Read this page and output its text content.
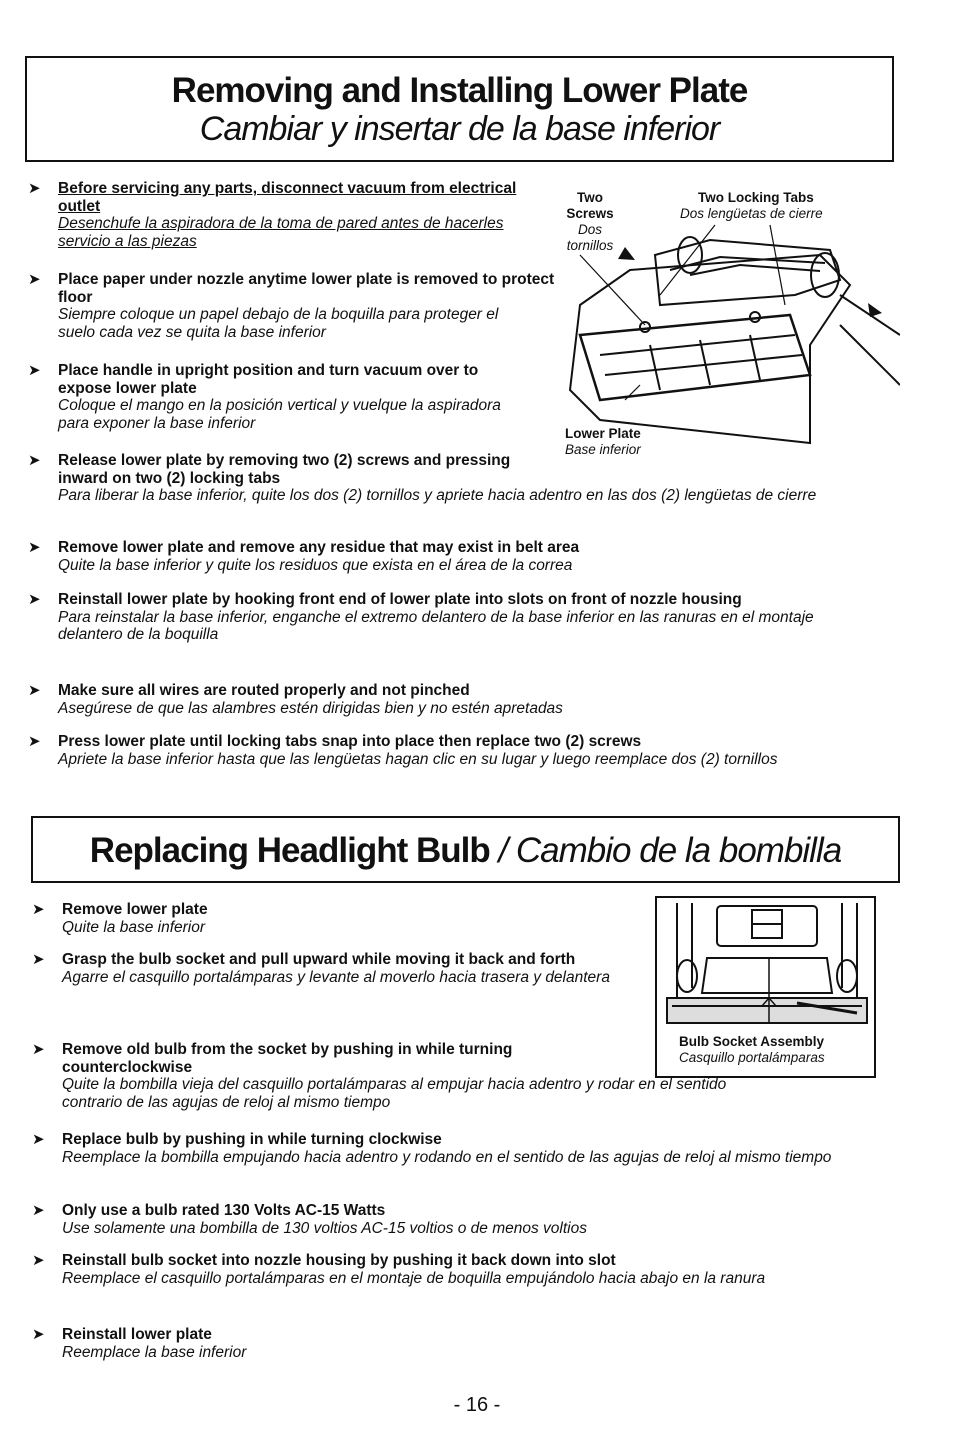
Removing and Installing Lower Plate
Cambiar y insertar de la base inferior
Two
Screws
Dos
tornillos
Two Locking Tabs
Dos lengüetas de cierre
Lower Plate
Base inferior
➤ Before servicing any parts, disconnect vacuum from electrical outlet
Desenchufe la aspiradora de la toma de pared antes de hacerles servicio a las piezas
➤ Place paper under nozzle anytime lower plate is removed to protect floor
Siempre coloque un papel debajo de la boquilla para proteger el suelo cada vez se quita la base inferior
➤ Place handle in upright position and turn vacuum over to expose lower plate
Coloque el mango en la posición vertical y vuelque la aspiradora para exponer la base inferior
➤ Release lower plate by removing two (2) screws and pressing inward on two (2) locking tabs
Para liberar la base inferior, quite los dos (2) tornillos y apriete hacia adentro en las dos (2) lengüetas de cierre
➤ Remove lower plate and remove any residue that may exist in belt area
Quite la base inferior y quite los residuos que exista en el área de la correa
➤ Reinstall lower plate by hooking front end of lower plate into slots on front of nozzle housing
Para reinstalar la base inferior, enganche el extremo delantero de la base inferior en las ranuras en el montaje delantero de la boquilla
➤ Make sure all wires are routed properly and not pinched
Asegúrese de que las alambres estén dirigidas bien y no estén apretadas
➤ Press lower plate until locking tabs snap into place then replace two (2) screws
Apriete la base inferior hasta que las lengüetas hagan clic en su lugar y luego reemplace dos (2) tornillos
Replacing Headlight Bulb / Cambio de la bombilla
Bulb Socket Assembly
Casquillo portalámparas
➤ Remove lower plate
Quite la base inferior
➤ Grasp the bulb socket and pull upward while moving it back and forth
Agarre el casquillo portalámparas y levante al moverlo hacia trasera y delantera
➤ Remove old bulb from the socket by pushing in while turning counterclockwise
Quite la bombilla vieja del casquillo portalámparas al empujar hacia adentro y rodar en el sentido contrario de las agujas de reloj al mismo tiempo
➤ Replace bulb by pushing in while turning clockwise
Reemplace la bombilla empujando hacia adentro y rodando en el sentido de las agujas de reloj al mismo tiempo
➤ Only use a bulb rated 130 Volts AC-15 Watts
Use solamente una bombilla de 130 voltios AC-15 voltios o de menos voltios
➤ Reinstall bulb socket into nozzle housing by pushing it back down into slot
Reemplace el casquillo portalámparas en el montaje de boquilla empujándolo hacia abajo en la ranura
➤ Reinstall lower plate
Reemplace la base inferior
- 16 -
